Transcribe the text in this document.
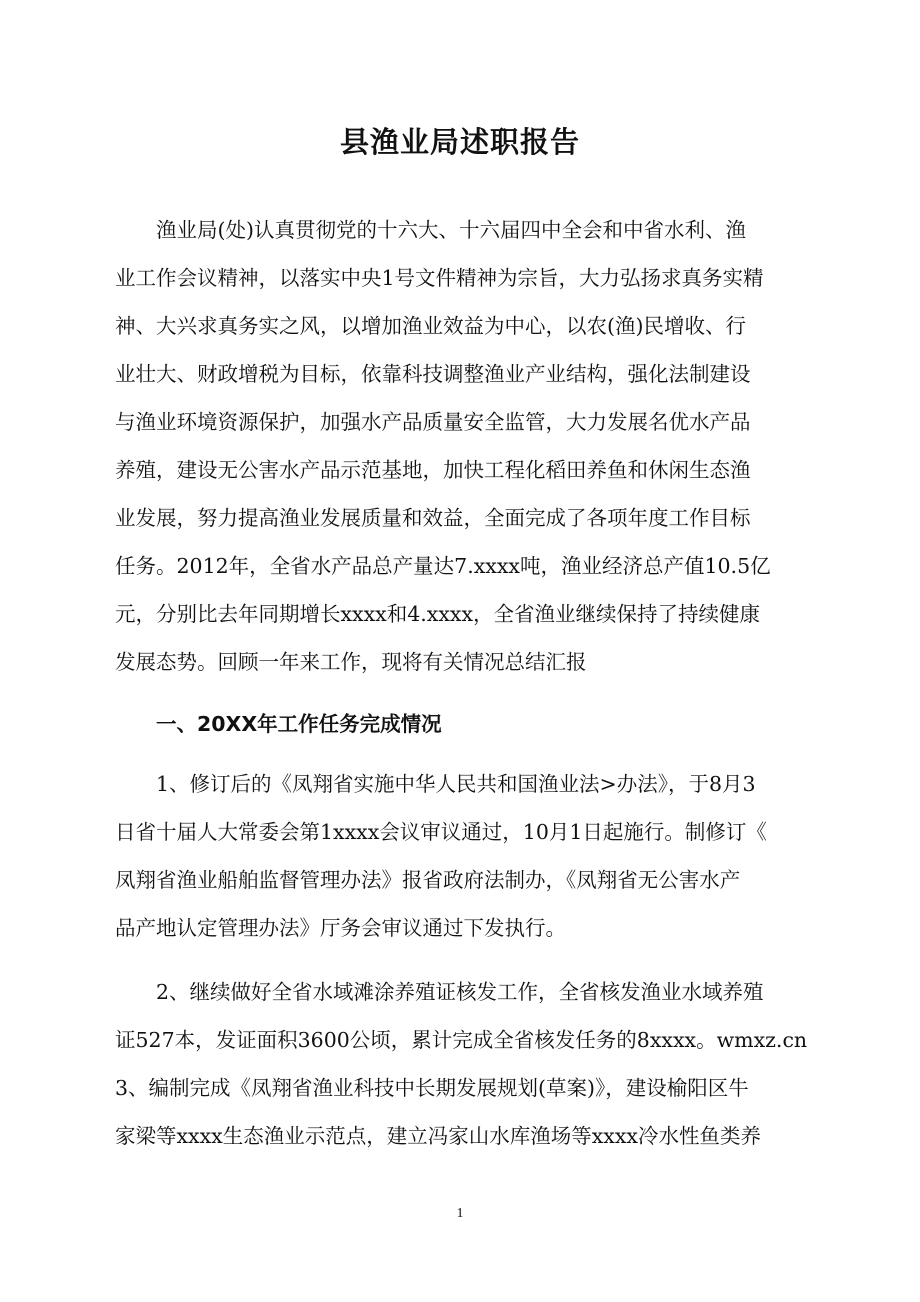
县渔业局述职报告
渔业局(处)认真贯彻党的十六大、十六届四中全会和中省水利、渔
业工作会议精神，以落实中央1号文件精神为宗旨，大力弘扬求真务实精
神、大兴求真务实之风，以增加渔业效益为中心，以农(渔)民增收、行
业壮大、财政增税为目标，依靠科技调整渔业产业结构，强化法制建设
与渔业环境资源保护，加强水产品质量安全监管，大力发展名优水产品
养殖，建设无公害水产品示范基地，加快工程化稻田养鱼和休闲生态渔
业发展，努力提高渔业发展质量和效益，全面完成了各项年度工作目标
任务。2012年，全省水产品总产量达7.xxxx吨，渔业经济总产值10.5亿
元，分别比去年同期增长xxxx和4.xxxx，全省渔业继续保持了持续健康
发展态势。回顾一年来工作，现将有关情况总结汇报
一、20XX年工作任务完成情况
1、修订后的《凤翔省实施中华人民共和国渔业法>办法》，于8月3
日省十届人大常委会第1xxxx会议审议通过，10月1日起施行。制修订《
凤翔省渔业船舶监督管理办法》报省政府法制办，《凤翔省无公害水产
品产地认定管理办法》厅务会审议通过下发执行。
2、继续做好全省水域滩涂养殖证核发工作，全省核发渔业水域养殖
证527本，发证面积3600公顷，累计完成全省核发任务的8xxxx。wmxz.cn
3、编制完成《凤翔省渔业科技中长期发展规划(草案)》，建设榆阳区牛
家梁等xxxx生态渔业示范点，建立冯家山水库渔场等xxxx冷水性鱼类养
1
